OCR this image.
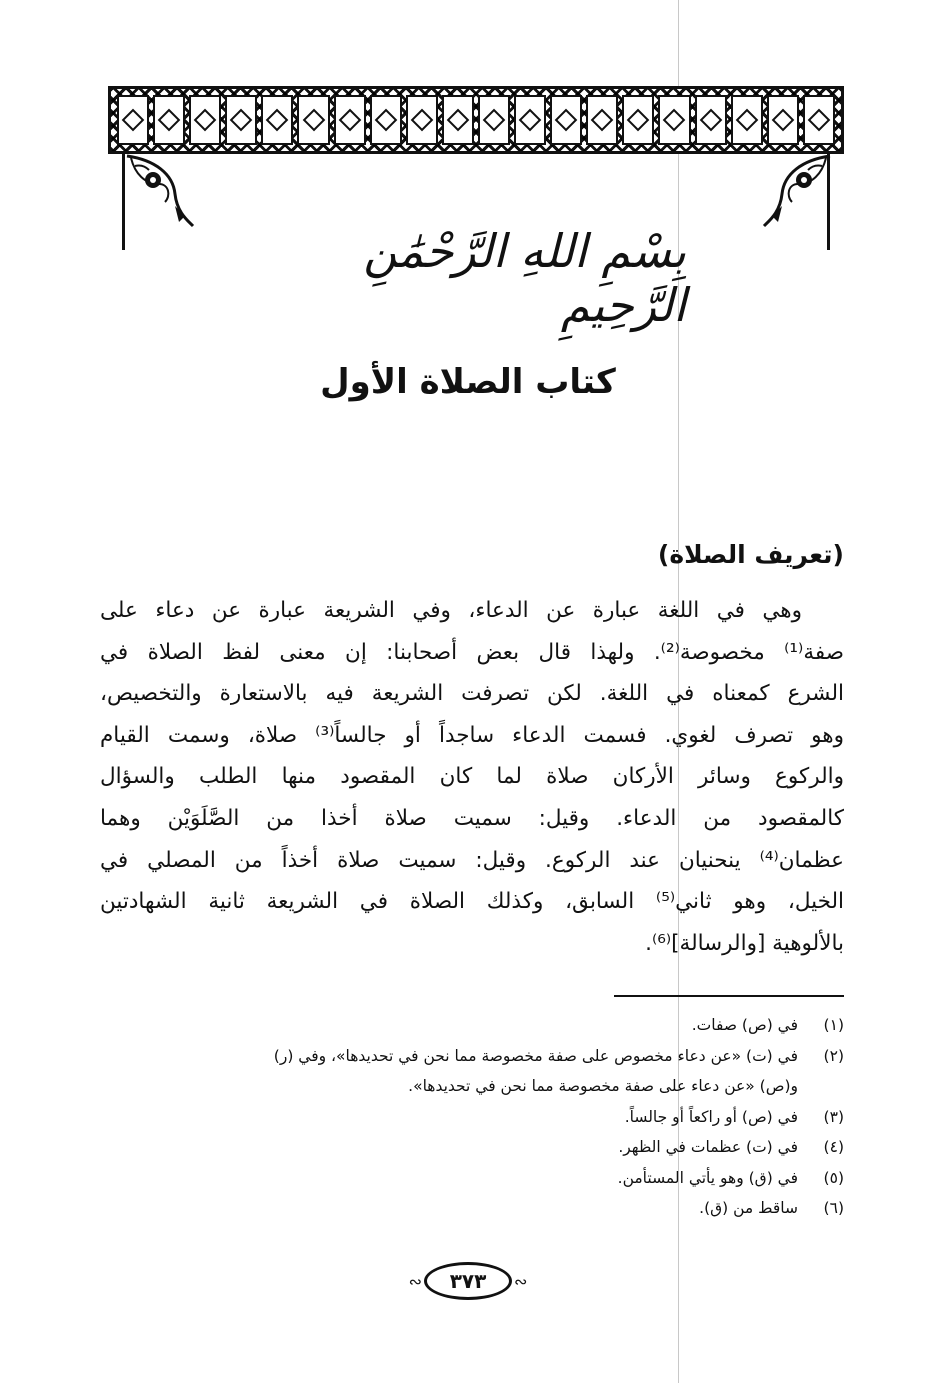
بِسْمِ اللهِ الرَّحْمَٰنِ الرَّحِيمِ
كتاب الصلاة الأول
(تعريف الصلاة)
وهي في اللغة عبارة عن الدعاء، وفي الشريعة عبارة عن دعاء على
صفة⁽¹⁾ مخصوصة⁽²⁾. ولهذا قال بعض أصحابنا: إن معنى لفظ الصلاة في
الشرع كمعناه في اللغة. لكن تصرفت الشريعة فيه بالاستعارة والتخصيص،
وهو تصرف لغوي. فسمت الدعاء ساجداً أو جالساً⁽³⁾ صلاة، وسمت القيام
والركوع وسائر الأركان صلاة لما كان المقصود منها الطلب والسؤال
كالمقصود من الدعاء. وقيل: سميت صلاة أخذا من الصَّلَوَيْن وهما
عظمان⁽⁴⁾ ينحنيان عند الركوع. وقيل: سميت صلاة أخذاً من المصلي في
الخيل، وهو ثاني⁽⁵⁾ السابق، وكذلك الصلاة في الشريعة ثانية الشهادتين
بالألوهية [والرسالة]⁽⁶⁾.
(١)
في (ص) صفات.
(٢)
في (ت) «عن دعاء مخصوص على صفة مخصوصة مما نحن في تحديدها»، وفي (ر)
و(ص) «عن دعاء على صفة مخصوصة مما نحن في تحديدها».
(٣)
في (ص) أو راكعاً أو جالساً.
(٤)
في (ت) عظمات في الظهر.
(٥)
في (ق) وهو يأتي المستأمن.
(٦)
ساقط من (ق).
∾	٣٧٣	∾
